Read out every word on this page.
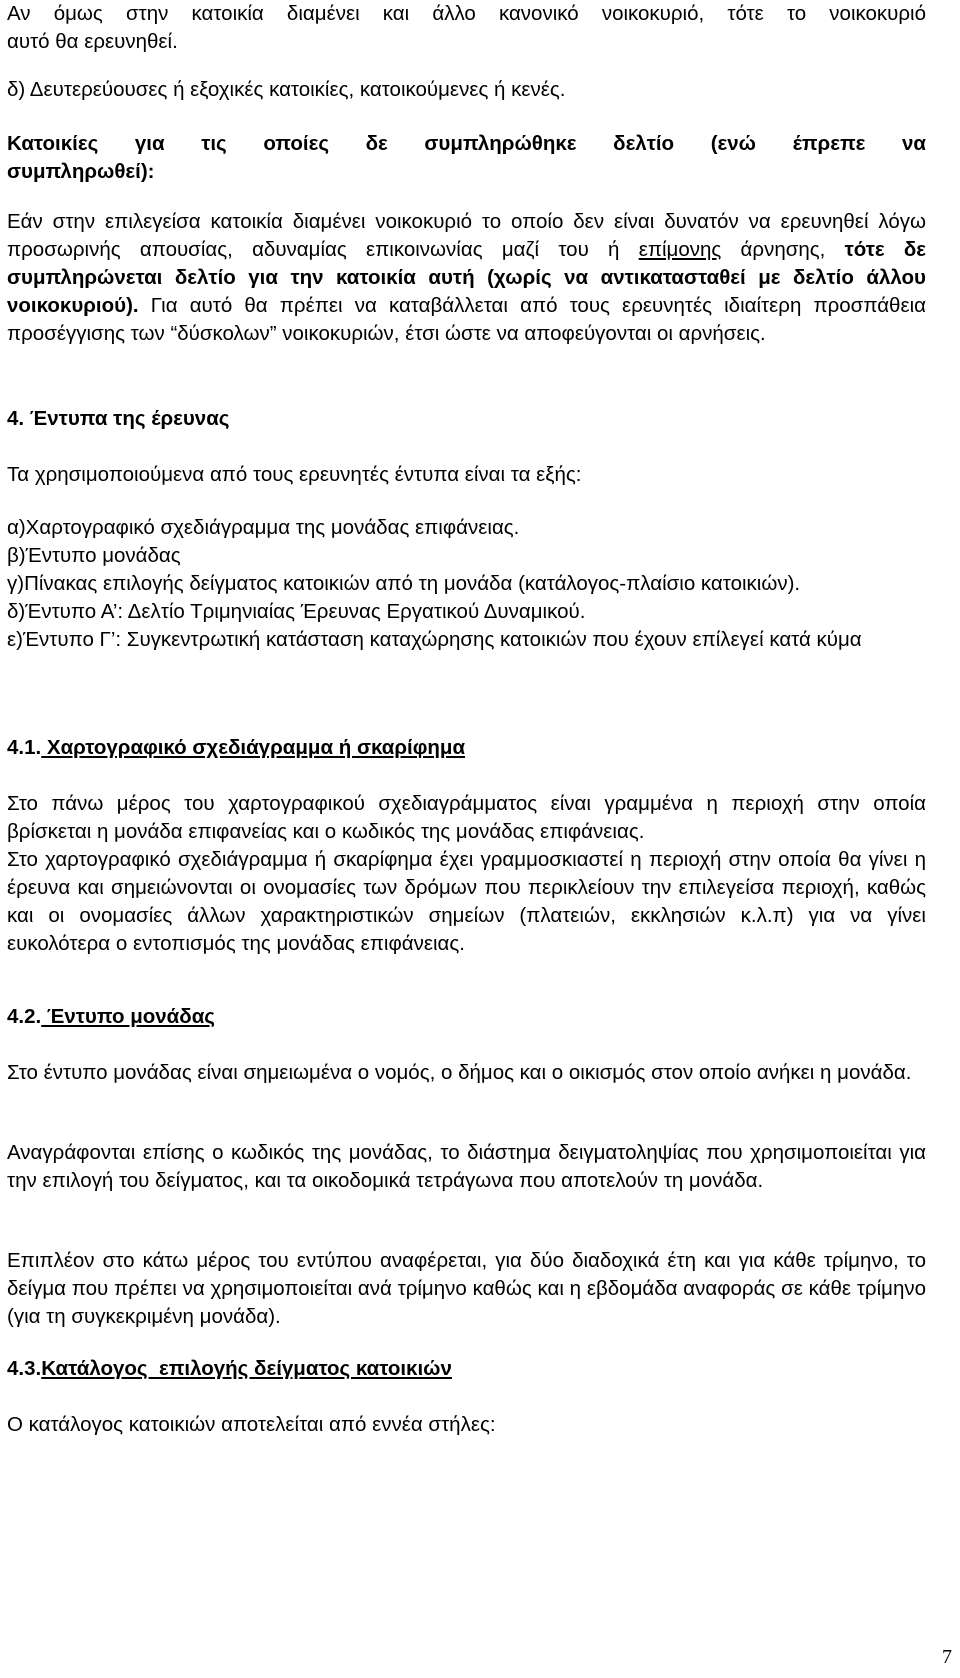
Αν όμως στην κατοικία διαμένει και άλλο κανονικό νοικοκυριό, τότε το νοικοκυριό
αυτό θα ερευνηθεί.

δ) Δευτερεύουσες ή εξοχικές κατοικίες, κατοικούμενες ή κενές.

Κατοικίες για τις οποίες δε συμπληρώθηκε δελτίο (ενώ έπρεπε να
συμπληρωθεί):

Εάν στην επιλεγείσα κατοικία διαμένει νοικοκυριό το οποίο δεν είναι δυνατόν να ερευνηθεί λόγω προσωρινής απουσίας, αδυναμίας επικοινωνίας μαζί του ή επίμονης άρνησης, τότε δε συμπληρώνεται δελτίο για την κατοικία αυτή (χωρίς να αντικατασταθεί με δελτίο άλλου νοικοκυριού). Για αυτό θα πρέπει να καταβάλλεται από τους ερευνητές ιδιαίτερη προσπάθεια προσέγγισης των “δύσκολων” νοικοκυριών, έτσι ώστε να αποφεύγονται οι αρνήσεις.

4. Έντυπα της έρευνας

Τα χρησιμοποιούμενα από τους ερευνητές έντυπα είναι τα εξής:

α)Χαρτογραφικό σχεδιάγραμμα της μονάδας επιφάνειας.

β)Έντυπο μονάδας

γ)Πίνακας επιλογής δείγματος κατοικιών από τη μονάδα (κατάλογος-πλαίσιο κατοικιών).

δ)Έντυπο Α’: Δελτίο Τριμηνιαίας Έρευνας Εργατικού Δυναμικού.

ε)Έντυπο Γ’: Συγκεντρωτική κατάσταση καταχώρησης κατοικιών που έχουν επίλεγεί κατά κύμα

4.1. Χαρτογραφικό σχεδιάγραμμα ή σκαρίφημα

Στο πάνω μέρος του χαρτογραφικού σχεδιαγράμματος είναι γραμμένα η περιοχή στην οποία βρίσκεται η μονάδα επιφανείας και ο κωδικός της μονάδας επιφάνειας.

Στο χαρτογραφικό σχεδιάγραμμα ή σκαρίφημα έχει γραμμοσκιαστεί η περιοχή στην οποία θα γίνει η έρευνα και σημειώνονται οι ονομασίες των δρόμων που περικλείουν την επιλεγείσα περιοχή, καθώς και οι ονομασίες άλλων χαρακτηριστικών σημείων (πλατειών, εκκλησιών κ.λ.π) για να γίνει ευκολότερα ο εντοπισμός της μονάδας επιφάνειας.

4.2. Έντυπο μονάδας

Στο έντυπο μονάδας είναι σημειωμένα ο νομός, ο δήμος και ο οικισμός στον οποίο ανήκει η μονάδα.

Αναγράφονται επίσης ο κωδικός της μονάδας, το διάστημα δειγματοληψίας που χρησιμοποιείται για την επιλογή του δείγματος, και τα οικοδομικά τετράγωνα που αποτελούν τη μονάδα.

Επιπλέον στο κάτω μέρος του εντύπου αναφέρεται, για δύο διαδοχικά έτη και για κάθε τρίμηνο, το δείγμα που πρέπει να χρησιμοποιείται ανά τρίμηνο καθώς και η εβδομάδα αναφοράς σε κάθε τρίμηνο (για τη συγκεκριμένη μονάδα).

4.3.Κατάλογος  επιλογής δείγματος κατοικιών

Ο κατάλογος κατοικιών αποτελείται από εννέα στήλες:

7
